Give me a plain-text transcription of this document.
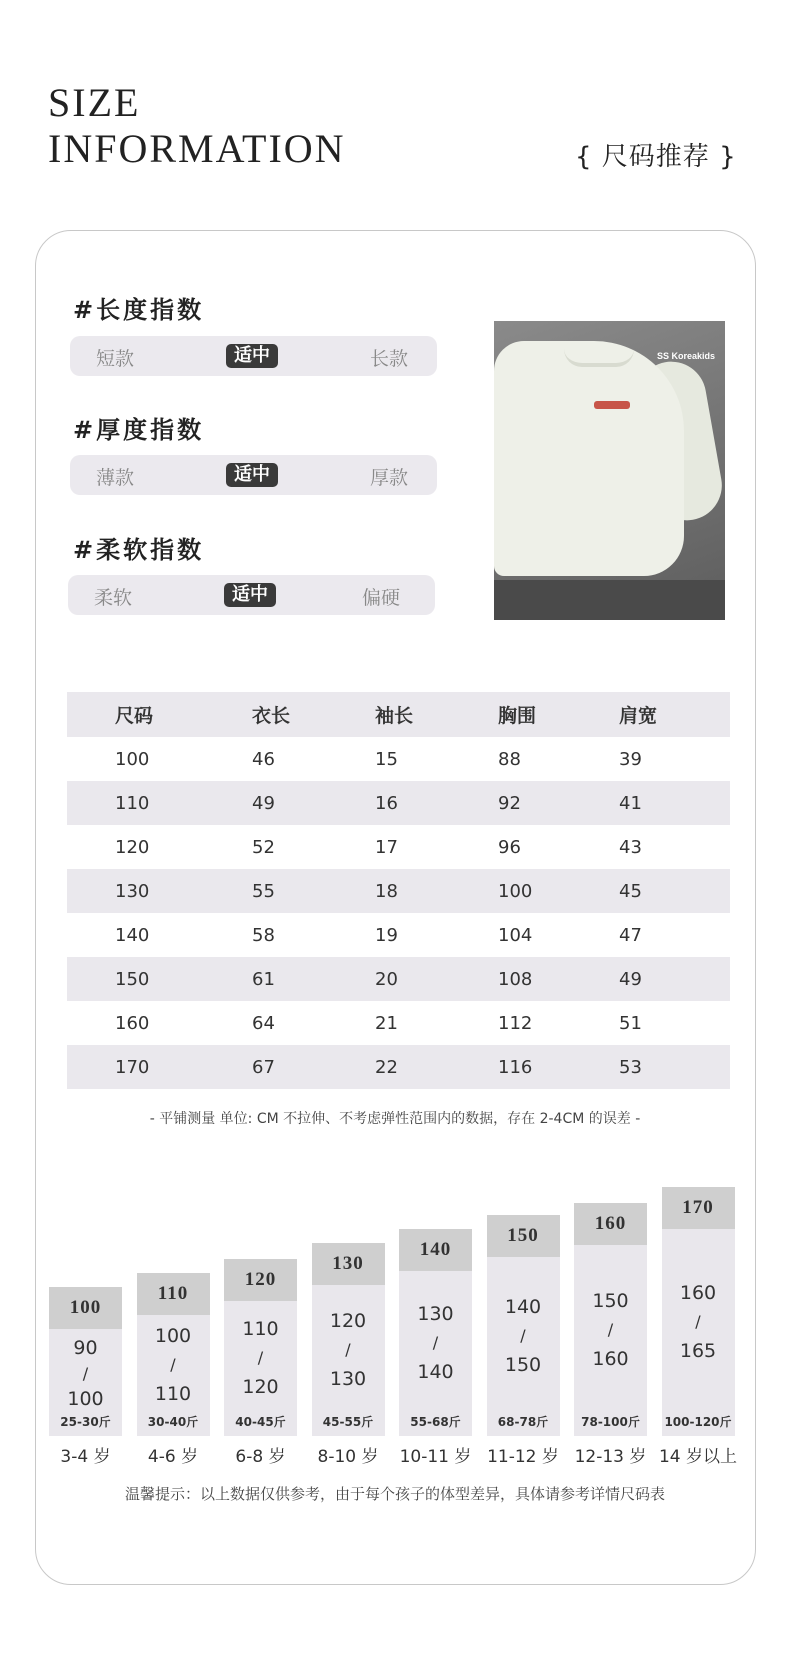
SIZE
INFORMATION	{ 尺码推荐 }
#长度指数
短款	适中	长款
#厚度指数
薄款	适中	厚款
#柔软指数
柔软	适中	偏硬
SS Koreakids
尺码	衣长	袖长	胸围	肩宽
100	46	15	88	39
110	49	16	92	41
120	52	17	96	43
130	55	18	100	45
140	58	19	104	47
150	61	20	108	49
160	64	21	112	51
170	67	22	116	53
- 平铺测量 单位: CM 不拉伸、不考虑弹性范围内的数据，存在 2-4CM 的误差 -
100
90
/
100
25-30斤
3-4 岁
110
100
/
110
30-40斤
4-6 岁
120
110
/
120
40-45斤
6-8 岁
130
120
/
130
45-55斤
8-10 岁
140
130
/
140
55-68斤
10-11 岁
150
140
/
150
68-78斤
11-12 岁
160
150
/
160
78-100斤
12-13 岁
170
160
/
165
100-120斤
14 岁以上
温馨提示：以上数据仅供参考，由于每个孩子的体型差异，具体请参考详情尺码表
